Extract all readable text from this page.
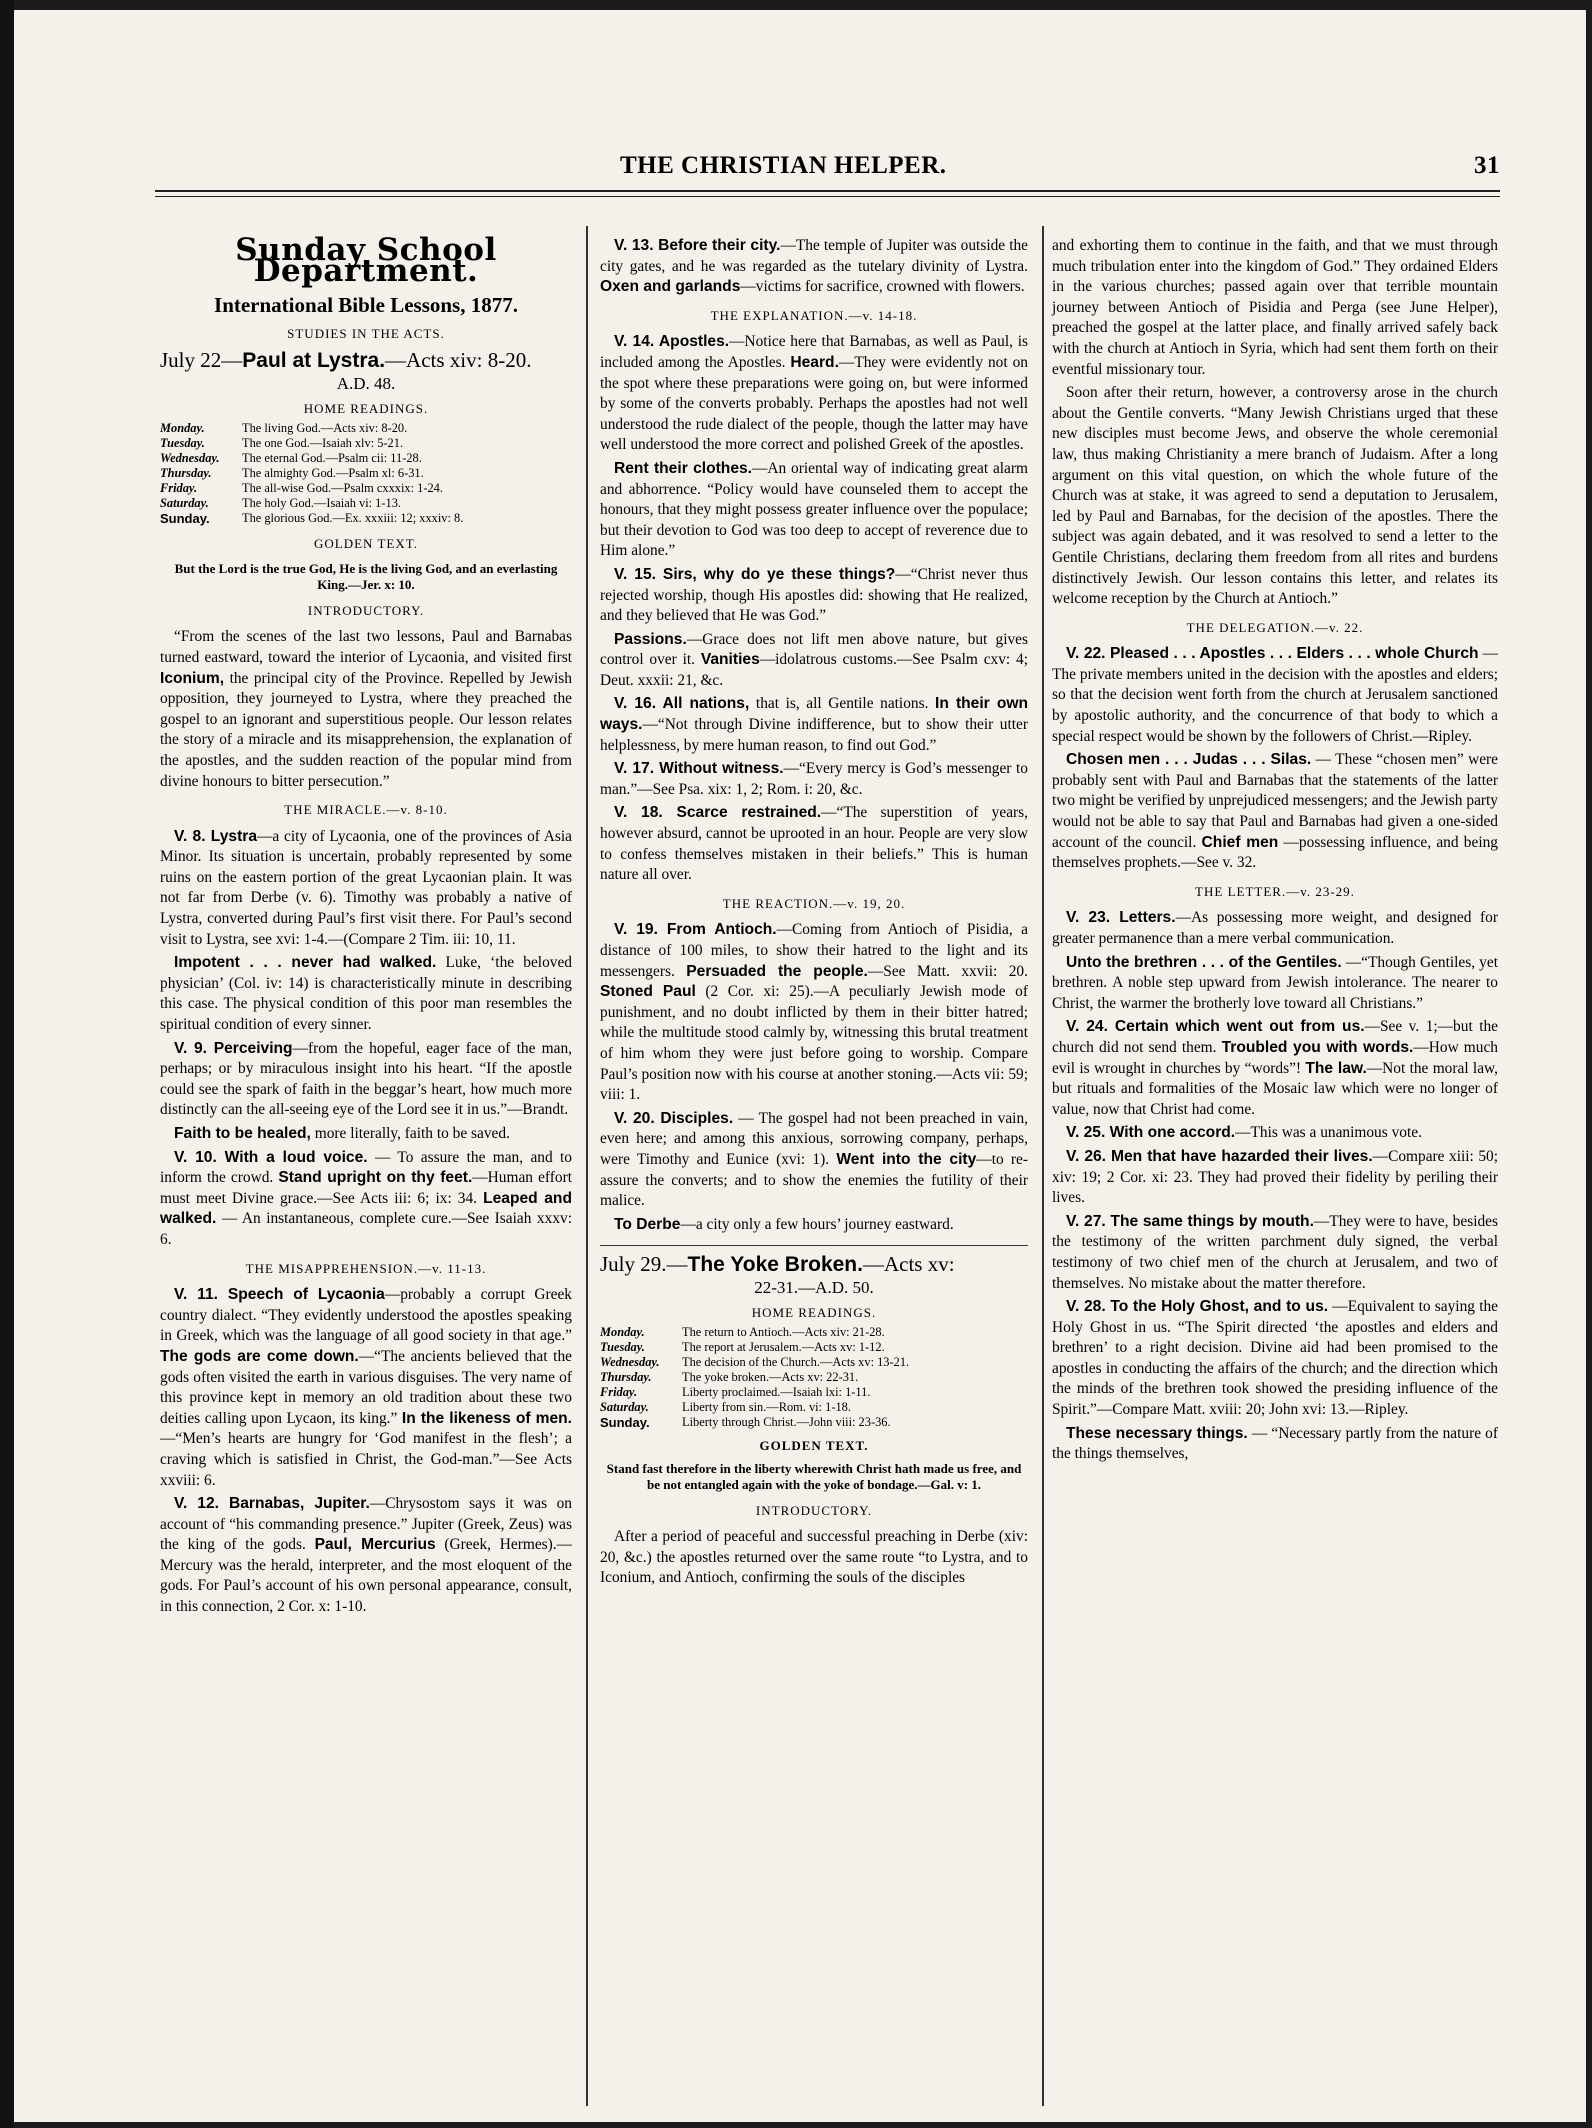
THE CHRISTIAN HELPER.	31
Sunday School Department.
International Bible Lessons, 1877.
STUDIES IN THE ACTS.
July 22—Paul at Lystra.—Acts xiv: 8-20.
A.D. 48.
HOME READINGS.
Monday.	The living God.—Acts xiv: 8-20.
Tuesday.	The one God.—Isaiah xlv: 5-21.
Wednesday.	The eternal God.—Psalm cii: 11-28.
Thursday.	The almighty God.—Psalm xl: 6-31.
Friday.	The all-wise God.—Psalm cxxxix: 1-24.
Saturday.	The holy God.—Isaiah vi: 1-13.
Sunday.	The glorious God.—Ex. xxxiii: 12; xxxiv: 8.
GOLDEN TEXT.
But the Lord is the true God, He is the living God, and an everlasting King.—Jer. x: 10.
INTRODUCTORY.

“From the scenes of the last two lessons, Paul and Barnabas turned eastward, toward the interior of Lycaonia, and visited first Iconium, the principal city of the Province. Repelled by Jewish opposition, they journeyed to Lystra, where they preached the gospel to an ignorant and superstitious people. Our lesson relates the story of a miracle and its misapprehension, the explanation of the apostles, and the sudden reaction of the popular mind from divine honours to bitter persecution.”

THE MIRACLE.—v. 8-10.

V. 8. Lystra—a city of Lycaonia, one of the provinces of Asia Minor. Its situation is uncertain, probably represented by some ruins on the eastern portion of the great Lycaonian plain. It was not far from Derbe (v. 6). Timothy was probably a native of Lystra, converted during Paul’s first visit there. For Paul’s second visit to Lystra, see xvi: 1-4.—(Compare 2 Tim. iii: 10, 11.

Impotent . . . never had walked. Luke, ‘the beloved physician’ (Col. iv: 14) is characteristically minute in describing this case. The physical condition of this poor man resembles the spiritual condition of every sinner.

V. 9. Perceiving—from the hopeful, eager face of the man, perhaps; or by miraculous insight into his heart. “If the apostle could see the spark of faith in the beggar’s heart, how much more distinctly can the all-seeing eye of the Lord see it in us.”—Brandt.

Faith to be healed, more literally, faith to be saved.

V. 10. With a loud voice. — To assure the man, and to inform the crowd. Stand upright on thy feet.—Human effort must meet Divine grace.—See Acts iii: 6; ix: 34. Leaped and walked. — An instantaneous, complete cure.—See Isaiah xxxv: 6.

THE MISAPPREHENSION.—v. 11-13.

V. 11. Speech of Lycaonia—probably a corrupt Greek country dialect. “They evidently understood the apostles speaking in Greek, which was the language of all good society in that age.” The gods are come down.—“The ancients believed that the gods often visited the earth in various disguises. The very name of this province kept in memory an old tradition about these two deities calling upon Lycaon, its king.” In the likeness of men.—“Men’s hearts are hungry for ‘God manifest in the flesh’; a craving which is satisfied in Christ, the God-man.”—See Acts xxviii: 6.

V. 12. Barnabas, Jupiter.—Chrysostom says it was on account of “his commanding presence.” Jupiter (Greek, Zeus) was the king of the gods. Paul, Mercurius (Greek, Hermes).—Mercury was the herald, interpreter, and the most eloquent of the gods. For Paul’s account of his own personal appearance, consult, in this connection, 2 Cor. x: 1-10.

V. 13. Before their city.—The temple of Jupiter was outside the city gates, and he was regarded as the tutelary divinity of Lystra. Oxen and garlands—victims for sacrifice, crowned with flowers.

THE EXPLANATION.—v. 14-18.

V. 14. Apostles.—Notice here that Barnabas, as well as Paul, is included among the Apostles. Heard.—They were evidently not on the spot where these preparations were going on, but were informed by some of the converts probably. Perhaps the apostles had not well understood the rude dialect of the people, though the latter may have well understood the more correct and polished Greek of the apostles.

Rent their clothes.—An oriental way of indicating great alarm and abhorrence. “Policy would have counseled them to accept the honours, that they might possess greater influence over the populace; but their devotion to God was too deep to accept of reverence due to Him alone.”

V. 15. Sirs, why do ye these things?—“Christ never thus rejected worship, though His apostles did: showing that He realized, and they believed that He was God.”

Passions.—Grace does not lift men above nature, but gives control over it. Vanities—idolatrous customs.—See Psalm cxv: 4; Deut. xxxii: 21, &c.

V. 16. All nations, that is, all Gentile nations. In their own ways.—“Not through Divine indifference, but to show their utter helplessness, by mere human reason, to find out God.”

V. 17. Without witness.—“Every mercy is God’s messenger to man.”—See Psa. xix: 1, 2; Rom. i: 20, &c.

V. 18. Scarce restrained.—“The superstition of years, however absurd, cannot be uprooted in an hour. People are very slow to confess themselves mistaken in their beliefs.” This is human nature all over.

THE REACTION.—v. 19, 20.

V. 19. From Antioch.—Coming from Antioch of Pisidia, a distance of 100 miles, to show their hatred to the light and its messengers. Persuaded the people.—See Matt. xxvii: 20. Stoned Paul (2 Cor. xi: 25).—A peculiarly Jewish mode of punishment, and no doubt inflicted by them in their bitter hatred; while the multitude stood calmly by, witnessing this brutal treatment of him whom they were just before going to worship. Compare Paul’s position now with his course at another stoning.—Acts vii: 59; viii: 1.

V. 20. Disciples. — The gospel had not been preached in vain, even here; and among this anxious, sorrowing company, perhaps, were Timothy and Eunice (xvi: 1). Went into the city—to re-assure the converts; and to show the enemies the futility of their malice.

To Derbe—a city only a few hours’ journey eastward.

July 29.—The Yoke Broken.—Acts xv:
22-31.—A.D. 50.
HOME READINGS.
Monday.	The return to Antioch.—Acts xiv: 21-28.
Tuesday.	The report at Jerusalem.—Acts xv: 1-12.
Wednesday.	The decision of the Church.—Acts xv: 13-21.
Thursday.	The yoke broken.—Acts xv: 22-31.
Friday.	Liberty proclaimed.—Isaiah lxi: 1-11.
Saturday.	Liberty from sin.—Rom. vi: 1-18.
Sunday.	Liberty through Christ.—John viii: 23-36.
GOLDEN TEXT.
Stand fast therefore in the liberty wherewith Christ hath made us free, and be not entangled again with the yoke of bondage.—Gal. v: 1.
INTRODUCTORY.

After a period of peaceful and successful preaching in Derbe (xiv: 20, &c.) the apostles returned over the same route “to Lystra, and to Iconium, and Antioch, confirming the souls of the disciples

and exhorting them to continue in the faith, and that we must through much tribulation enter into the kingdom of God.” They ordained Elders in the various churches; passed again over that terrible mountain journey between Antioch of Pisidia and Perga (see June Helper), preached the gospel at the latter place, and finally arrived safely back with the church at Antioch in Syria, which had sent them forth on their eventful missionary tour.

Soon after their return, however, a controversy arose in the church about the Gentile converts. “Many Jewish Christians urged that these new disciples must become Jews, and observe the whole ceremonial law, thus making Christianity a mere branch of Judaism. After a long argument on this vital question, on which the whole future of the Church was at stake, it was agreed to send a deputation to Jerusalem, led by Paul and Barnabas, for the decision of the apostles. There the subject was again debated, and it was resolved to send a letter to the Gentile Christians, declaring them freedom from all rites and burdens distinctively Jewish. Our lesson contains this letter, and relates its welcome reception by the Church at Antioch.”

THE DELEGATION.—v. 22.

V. 22. Pleased . . . Apostles . . . Elders . . . whole Church —The private members united in the decision with the apostles and elders; so that the decision went forth from the church at Jerusalem sanctioned by apostolic authority, and the concurrence of that body to which a special respect would be shown by the followers of Christ.—Ripley.

Chosen men . . . Judas . . . Silas. — These “chosen men” were probably sent with Paul and Barnabas that the statements of the latter two might be verified by unprejudiced messengers; and the Jewish party would not be able to say that Paul and Barnabas had given a one-sided account of the council. Chief men —possessing influence, and being themselves prophets.—See v. 32.

THE LETTER.—v. 23-29.

V. 23. Letters.—As possessing more weight, and designed for greater permanence than a mere verbal communication.

Unto the brethren . . . of the Gentiles. —“Though Gentiles, yet brethren. A noble step upward from Jewish intolerance. The nearer to Christ, the warmer the brotherly love toward all Christians.”

V. 24. Certain which went out from us.—See v. 1;—but the church did not send them. Troubled you with words.—How much evil is wrought in churches by “words”! The law.—Not the moral law, but rituals and formalities of the Mosaic law which were no longer of value, now that Christ had come.

V. 25. With one accord.—This was a unanimous vote.

V. 26. Men that have hazarded their lives.—Compare xiii: 50; xiv: 19; 2 Cor. xi: 23. They had proved their fidelity by periling their lives.

V. 27. The same things by mouth.—They were to have, besides the testimony of the written parchment duly signed, the verbal testimony of two chief men of the church at Jerusalem, and two of themselves. No mistake about the matter therefore.

V. 28. To the Holy Ghost, and to us. —Equivalent to saying the Holy Ghost in us. “The Spirit directed ‘the apostles and elders and brethren’ to a right decision. Divine aid had been promised to the apostles in conducting the affairs of the church; and the direction which the minds of the brethren took showed the presiding influence of the Spirit.”—Compare Matt. xviii: 20; John xvi: 13.—Ripley.

These necessary things. — “Necessary partly from the nature of the things themselves,
